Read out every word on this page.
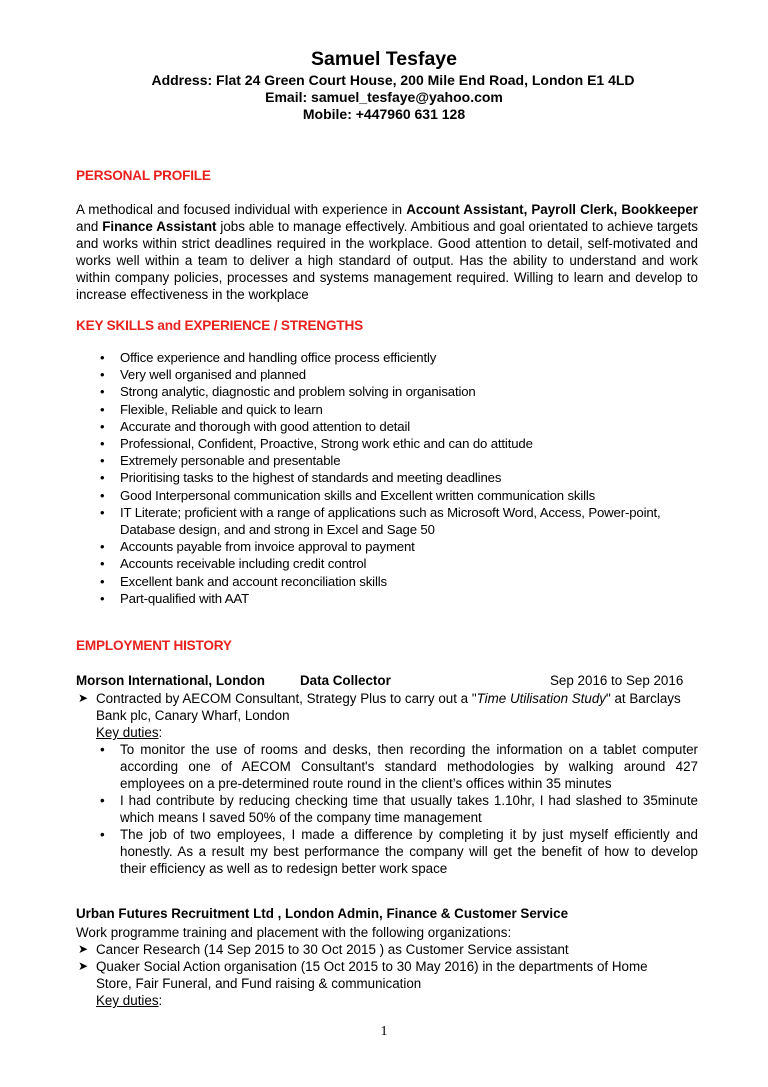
Samuel Tesfaye
Address: Flat 24 Green Court House, 200 Mile End Road, London E1 4LD
Email: samuel_tesfaye@yahoo.com
Mobile: +447960 631 128
PERSONAL PROFILE
A methodical and focused individual with experience in Account Assistant, Payroll Clerk, Bookkeeper and Finance Assistant jobs able to manage effectively. Ambitious and goal orientated to achieve targets and works within strict deadlines required in the workplace. Good attention to detail, self-motivated and works well within a team to deliver a high standard of output. Has the ability to understand and work within company policies, processes and systems management required. Willing to learn and develop to increase effectiveness in the workplace
KEY SKILLS and EXPERIENCE / STRENGTHS
• Office experience and handling office process efficiently
• Very well organised and planned
• Strong analytic, diagnostic and problem solving in organisation
• Flexible, Reliable and quick to learn
• Accurate and thorough with good attention to detail
• Professional, Confident, Proactive, Strong work ethic and can do attitude
• Extremely personable and presentable
• Prioritising tasks to the highest of standards and meeting deadlines
• Good Interpersonal communication skills and Excellent written communication skills
• IT Literate; proficient with a range of applications such as Microsoft Word, Access, Power-point, Database design, and and strong in Excel and Sage 50
• Accounts payable from invoice approval to payment
• Accounts receivable including credit control
• Excellent bank and account reconciliation skills
• Part-qualified with AAT
EMPLOYMENT HISTORY
Morson International, London	Data Collector	Sep 2016 to Sep 2016
➤ Contracted by AECOM Consultant, Strategy Plus to carry out a "Time Utilisation Study" at Barclays Bank plc, Canary Wharf, London
Key duties:
• To monitor the use of rooms and desks, then recording the information on a tablet computer according one of AECOM Consultant's standard methodologies by walking around 427 employees on a pre-determined route round in the client’s offices within 35 minutes
• I had contribute by reducing checking time that usually takes 1.10hr, I had slashed to 35minute which means I saved 50% of the company time management
• The job of two employees, I made a difference by completing it by just myself efficiently and honestly. As a result my best performance the company will get the benefit of how to develop their efficiency as well as to redesign better work space
Urban Futures Recruitment Ltd , London Admin, Finance & Customer Service
Work programme training and placement with the following organizations:
➤ Cancer Research (14 Sep 2015 to 30 Oct 2015 ) as Customer Service assistant
➤ Quaker Social Action organisation (15 Oct 2015 to 30 May 2016) in the departments of Home Store, Fair Funeral, and Fund raising & communication
Key duties:
1
